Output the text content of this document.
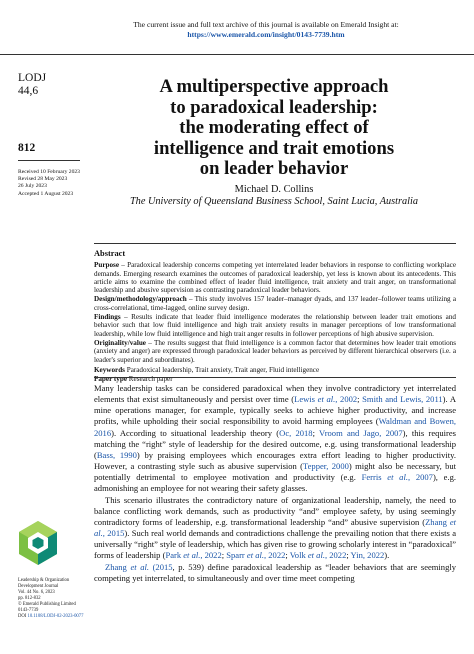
The current issue and full text archive of this journal is available on Emerald Insight at:
https://www.emerald.com/insight/0143-7739.htm
LODJ
44,6
812
Received 10 February 2023
Revised 28 May 2023
26 July 2023
Accepted 1 August 2023
A multiperspective approach
to paradoxical leadership:
the moderating effect of
intelligence and trait emotions
on leader behavior
Michael D. Collins
The University of Queensland Business School, Saint Lucia, Australia
Abstract

Purpose – Paradoxical leadership concerns competing yet interrelated leader behaviors in response to conflicting workplace demands. Emerging research examines the outcomes of paradoxical leadership, yet less is known about its antecedents. This article aims to examine the combined effect of leader fluid intelligence, trait anxiety and trait anger, on transformational leadership and abusive supervision as contrasting paradoxical leader behaviors.

Design/methodology/approach – This study involves 157 leader–manager dyads, and 137 leader–follower teams utilizing a cross-correlational, time-lagged, online survey design.

Findings – Results indicate that leader fluid intelligence moderates the relationship between leader trait emotions and behavior such that low fluid intelligence and high trait anxiety results in manager perceptions of low transformational leadership, while low fluid intelligence and high trait anger results in follower perceptions of high abusive supervision.

Originality/value – The results suggest that fluid intelligence is a common factor that determines how leader trait emotions (anxiety and anger) are expressed through paradoxical leader behaviors as perceived by different hierarchical observers (i.e. a leader's superior and subordinates).

Keywords Paradoxical leadership, Trait anxiety, Trait anger, Fluid intelligence

Paper type Research paper

Many leadership tasks can be considered paradoxical when they involve contradictory yet interrelated elements that exist simultaneously and persist over time (Lewis et al., 2002; Smith and Lewis, 2011). A mine operations manager, for example, typically seeks to achieve higher productivity, and increase profits, while upholding their social responsibility to avoid harming employees (Waldman and Bowen, 2016). According to situational leadership theory (Oc, 2018; Vroom and Jago, 2007), this requires matching the “right” style of leadership for the desired outcome, e.g. using transformational leadership (Bass, 1990) by praising employees which encourages extra effort leading to higher productivity. However, a contrasting style such as abusive supervision (Tepper, 2000) might also be necessary, but potentially detrimental to employee motivation and productivity (e.g. Ferris et al., 2007), e.g. admonishing an employee for not wearing their safety glasses.

This scenario illustrates the contradictory nature of organizational leadership, namely, the need to balance conflicting work demands, such as productivity “and” employee safety, by using seemingly contradictory forms of leadership, e.g. transformational leadership “and” abusive supervision (Zhang et al., 2015). Such real world demands and contradictions challenge the prevailing notion that there exists a universally “right” style of leadership, which has given rise to growing scholarly interest in “paradoxical” forms of leadership (Park et al., 2022; Sparr et al., 2022; Volk et al., 2022; Yin, 2022).

Zhang et al. (2015, p. 539) define paradoxical leadership as “leader behaviors that are seemingly competing yet interrelated, to simultaneously and over time meet competing

Leadership & Organization
Development Journal
Vol. 44 No. 6, 2023
pp. 812-832
© Emerald Publishing Limited
0143-7739
DOI 10.1108/LODJ-02-2023-0077
